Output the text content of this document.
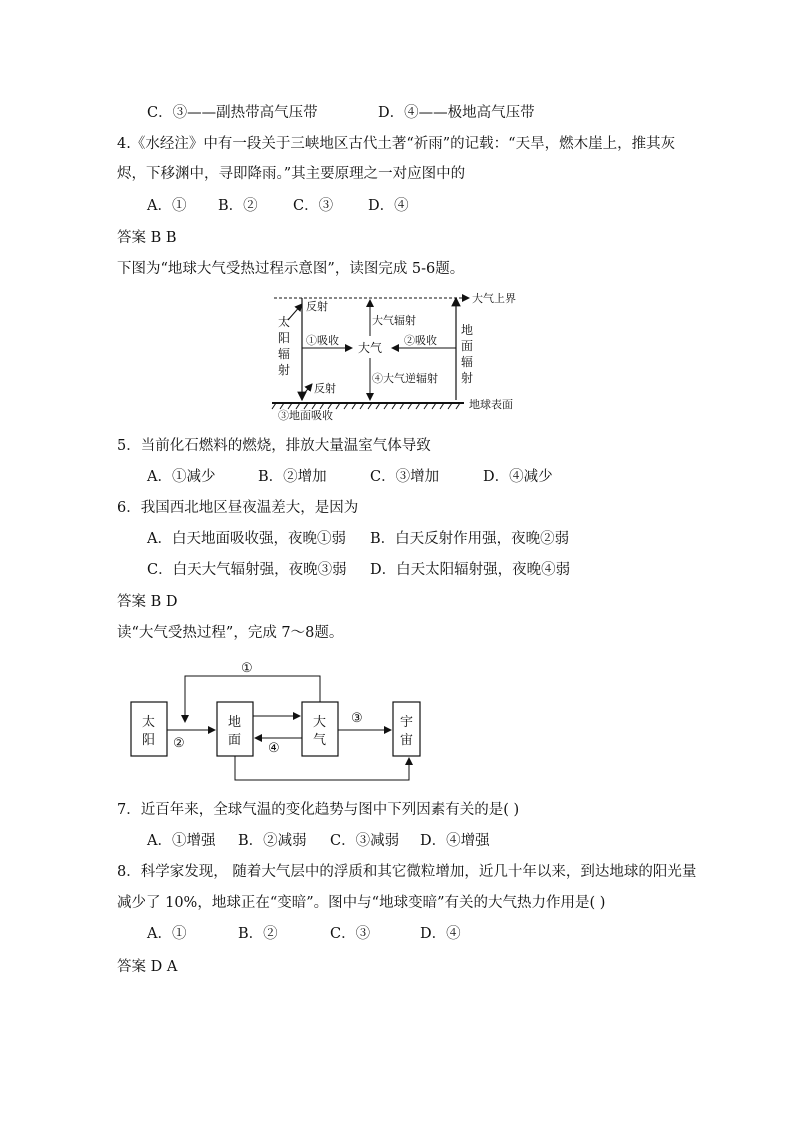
C．③——副热带高气压带	D．④——极地高气压带
4.《水经注》中有一段关于三峡地区古代土著“祈雨”的记载：“天旱，燃木崖上，推其灰
烬，下移渊中，寻即降雨。”其主要原理之一对应图中的
A．① B．② C．③ D．④
答案 B B
下图为“地球大气受热过程示意图”，读图完成 5-6题。
大气上界
地球表面
太
阳
辐
射
反射
反射
①吸收
大气
②吸收
大气辐射
④大气逆辐射
地
面
辐
射
③地面吸收
5．当前化石燃料的燃烧，排放大量温室气体导致
A．①减少	B．②增加	C．③增加	D．④减少
6．我国西北地区昼夜温差大，是因为
A．白天地面吸收强，夜晚①弱 B．白天反射作用强，夜晚②弱
C．白天大气辐射强，夜晚③弱 D．白天太阳辐射强，夜晚④弱
答案 B D
读“大气受热过程”，完成 7～8题。
太
阳
地
面
大
气
宇
宙
①
②	④
③
7．近百年来，全球气温的变化趋势与图中下列因素有关的是( )
A．①增强 B．②减弱 C．③减弱 D．④增强
8．科学家发现， 随着大气层中的浮质和其它微粒增加，近几十年以来，到达地球的阳光量
减少了 10%，地球正在“变暗”。图中与“地球变暗”有关的大气热力作用是( )
A．①	B．②	C．③	D．④
答案 D A
